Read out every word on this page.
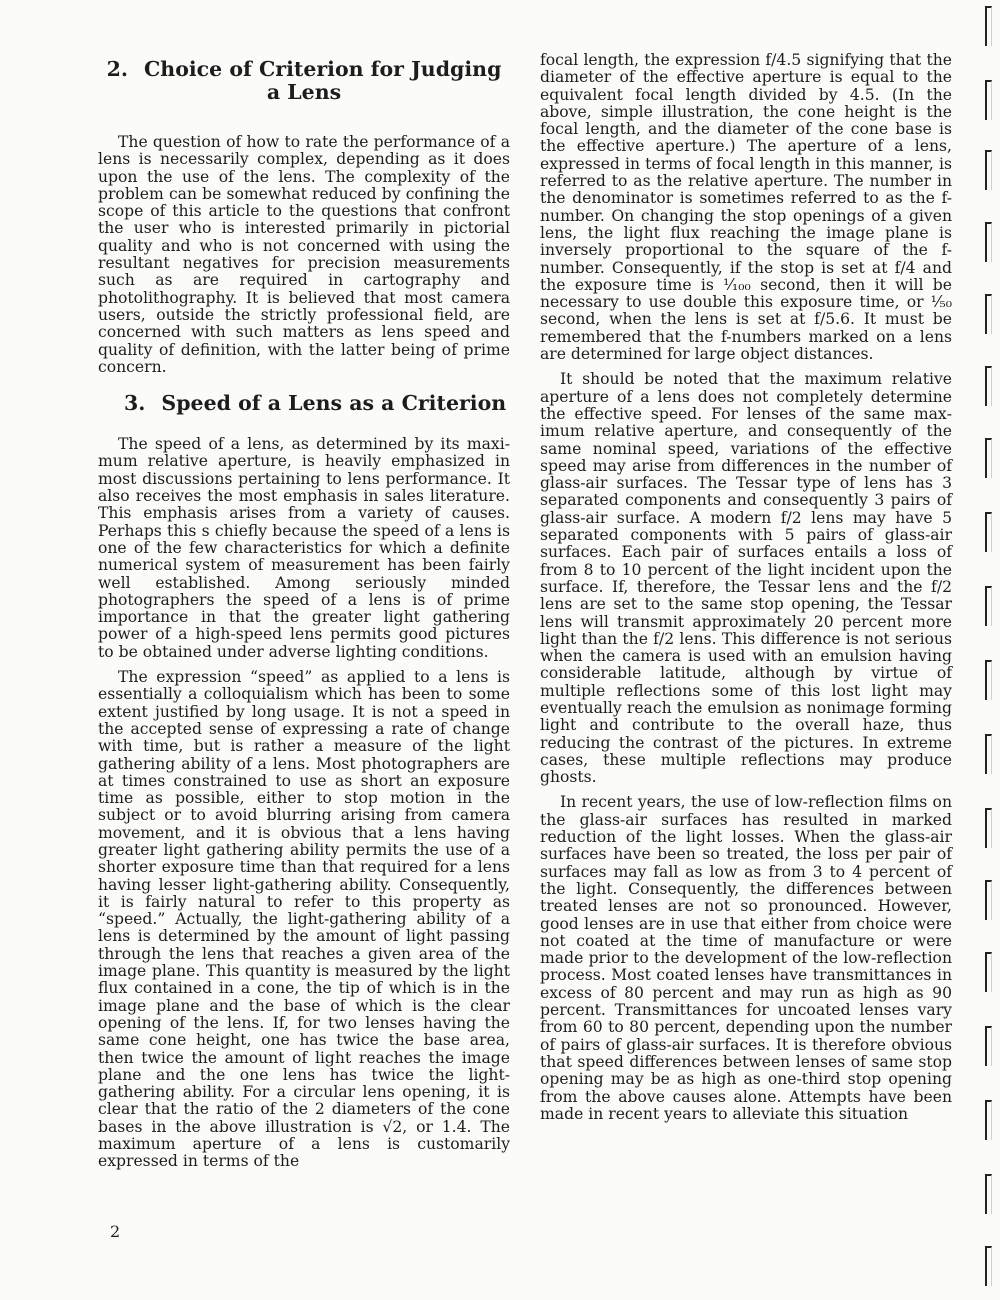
2. Choice of Criterion for Judging a Lens

The question of how to rate the performance of a lens is necessarily complex, depending as it does upon the use of the lens. The complexity of the problem can be somewhat reduced by confining the scope of this article to the questions that confront the user who is interested primarily in pictorial quality and who is not concerned with using the resultant negatives for precision measurements such as are required in cartography and photolithography. It is believed that most camera users, outside the strictly professional field, are concerned with such matters as lens speed and quality of definition, with the latter being of prime concern.

3. Speed of a Lens as a Criterion

The speed of a lens, as determined by its maximum relative aperture, is heavily emphasized in most discussions pertaining to lens performance. It also receives the most emphasis in sales literature. This emphasis arises from a variety of causes. Perhaps this s chiefly because the speed of a lens is one of the few characteristics for which a definite numerical system of measurement has been fairly well established. Among seriously minded photographers the speed of a lens is of prime importance in that the greater light gathering power of a high-speed lens permits good pictures to be obtained under adverse lighting conditions.

The expression “speed” as applied to a lens is essentially a colloquialism which has been to some extent justified by long usage. It is not a speed in the accepted sense of expressing a rate of change with time, but is rather a measure of the light gathering ability of a lens. Most photographers are at times constrained to use as short an exposure time as possible, either to stop motion in the subject or to avoid blurring arising from camera movement, and it is obvious that a lens having greater light gathering ability permits the use of a shorter exposure time than that required for a lens having lesser light-gathering ability. Consequently, it is fairly natural to refer to this property as “speed.” Actually, the light-gathering ability of a lens is determined by the amount of light passing through the lens that reaches a given area of the image plane. This quantity is measured by the light flux contained in a cone, the tip of which is in the image plane and the base of which is the clear opening of the lens. If, for two lenses having the same cone height, one has twice the base area, then twice the amount of light reaches the image plane and the one lens has twice the light-gathering ability. For a circular lens opening, it is clear that the ratio of the 2 diameters of the cone bases in the above illustration is √2, or 1.4. The maximum aperture of a lens is customarily expressed in terms of the

focal length, the expression f/4.5 signifying that the diameter of the effective aperture is equal to the equivalent focal length divided by 4.5. (In the above, simple illustration, the cone height is the focal length, and the diameter of the cone base is the effective aperture.) The aperture of a lens, expressed in terms of focal length in this manner, is referred to as the relative aperture. The number in the denominator is sometimes referred to as the f-number. On changing the stop openings of a given lens, the light flux reaching the image plane is inversely proportional to the square of the f-number. Consequently, if the stop is set at f/4 and the exposure time is ¹⁄₁₀₀ second, then it will be necessary to use double this exposure time, or ¹⁄₅₀ second, when the lens is set at f/5.6. It must be remembered that the f-numbers marked on a lens are determined for large object distances.

It should be noted that the maximum relative aperture of a lens does not completely determine the effective speed. For lenses of the same maximum relative aperture, and consequently of the same nominal speed, variations of the effective speed may arise from differences in the number of glass-air surfaces. The Tessar type of lens has 3 separated components and consequently 3 pairs of glass-air surface. A modern f/2 lens may have 5 separated components with 5 pairs of glass-air surfaces. Each pair of surfaces entails a loss of from 8 to 10 percent of the light incident upon the surface. If, therefore, the Tessar lens and the f/2 lens are set to the same stop opening, the Tessar lens will transmit approximately 20 percent more light than the f/2 lens. This difference is not serious when the camera is used with an emulsion having considerable latitude, although by virtue of multiple reflections some of this lost light may eventually reach the emulsion as nonimage forming light and contribute to the overall haze, thus reducing the contrast of the pictures. In extreme cases, these multiple reflections may produce ghosts.

In recent years, the use of low-reflection films on the glass-air surfaces has resulted in marked reduction of the light losses. When the glass-air surfaces have been so treated, the loss per pair of surfaces may fall as low as from 3 to 4 percent of the light. Consequently, the differences between treated lenses are not so pronounced. However, good lenses are in use that either from choice were not coated at the time of manufacture or were made prior to the development of the low-reflection process. Most coated lenses have transmittances in excess of 80 percent and may run as high as 90 percent. Transmittances for uncoated lenses vary from 60 to 80 percent, depending upon the number of pairs of glass-air surfaces. It is therefore obvious that speed differences between lenses of same stop opening may be as high as one-third stop opening from the above causes alone. Attempts have been made in recent years to alleviate this situation

2
